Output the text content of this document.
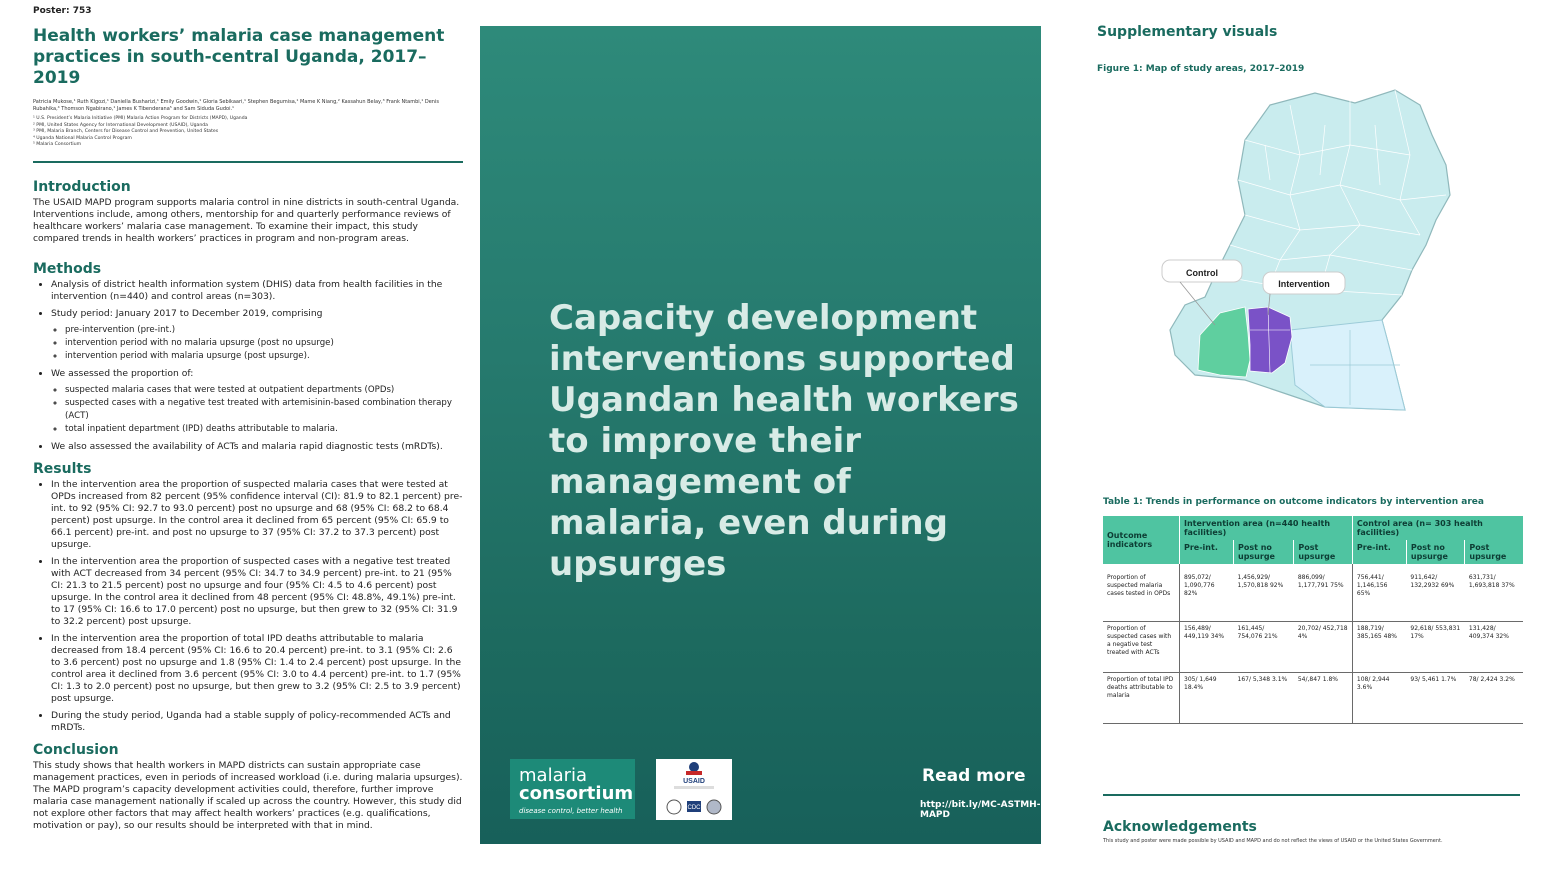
Poster: 753
Health workers’ malaria case management practices in south-central Uganda, 2017–2019
Patricia Mukose,¹ Ruth Kigozi,¹ Daniella Busharizi,¹ Emily Goodwin,¹ Gloria Sebikaari,¹ Stephen Begumisa,¹ Mame K Niang,² Kassahun Belay,³ Frank Ntambi,¹ Denis Rubahika,⁴ Thomson Ngabirano,¹ James K Tibenderana⁵ and Sam Siduda Gudoi.¹
¹ U.S. President’s Malaria Initiative (PMI) Malaria Action Program for Districts (MAPD), Uganda
² PMI, United States Agency for International Development (USAID), Uganda
³ PMI, Malaria Branch, Centers for Disease Control and Prevention, United States
⁴ Uganda National Malaria Control Program
⁵ Malaria Consortium
Introduction

The USAID MAPD program supports malaria control in nine districts in south-central Uganda. Interventions include, among others, mentorship for and quarterly performance reviews of healthcare workers’ malaria case management. To examine their impact, this study compared trends in health workers’ practices in program and non-program areas.

Methods
• Analysis of district health information system (DHIS) data from health facilities in the intervention (n=440) and control areas (n=303).
• Study period: January 2017 to December 2019, comprising
◦ pre-intervention (pre-int.)
◦ intervention period with no malaria upsurge (post no upsurge)
◦ intervention period with malaria upsurge (post upsurge).
• We assessed the proportion of:
◦ suspected malaria cases that were tested at outpatient departments (OPDs)
◦ suspected cases with a negative test treated with artemisinin-based combination therapy (ACT)
◦ total inpatient department (IPD) deaths attributable to malaria.
• We also assessed the availability of ACTs and malaria rapid diagnostic tests (mRDTs).
Results
• In the intervention area the proportion of suspected malaria cases that were tested at OPDs increased from 82 percent (95% confidence interval (CI): 81.9 to 82.1 percent) pre-int. to 92 (95% CI: 92.7 to 93.0 percent) post no upsurge and 68 (95% CI: 68.2 to 68.4 percent) post upsurge. In the control area it declined from 65 percent (95% CI: 65.9 to 66.1 percent) pre-int. and post no upsurge to 37 (95% CI: 37.2 to 37.3 percent) post upsurge.
• In the intervention area the proportion of suspected cases with a negative test treated with ACT decreased from 34 percent (95% CI: 34.7 to 34.9 percent) pre-int. to 21 (95% CI: 21.3 to 21.5 percent) post no upsurge and four (95% CI: 4.5 to 4.6 percent) post upsurge. In the control area it declined from 48 percent (95% CI: 48.8%, 49.1%) pre-int. to 17 (95% CI: 16.6 to 17.0 percent) post no upsurge, but then grew to 32 (95% CI: 31.9 to 32.2 percent) post upsurge.
• In the intervention area the proportion of total IPD deaths attributable to malaria decreased from 18.4 percent (95% CI: 16.6 to 20.4 percent) pre-int. to 3.1 (95% CI: 2.6 to 3.6 percent) post no upsurge and 1.8 (95% CI: 1.4 to 2.4 percent) post upsurge. In the control area it declined from 3.6 percent (95% CI: 3.0 to 4.4 percent) pre-int. to 1.7 (95% CI: 1.3 to 2.0 percent) post no upsurge, but then grew to 3.2 (95% CI: 2.5 to 3.9 percent) post upsurge.
• During the study period, Uganda had a stable supply of policy-recommended ACTs and mRDTs.
Conclusion

This study shows that health workers in MAPD districts can sustain appropriate case management practices, even in periods of increased workload (i.e. during malaria upsurges). The MAPD program’s capacity development activities could, therefore, further improve malaria case management nationally if scaled up across the country. However, this study did not explore other factors that may affect health workers’ practices (e.g. qualifications, motivation or pay), so our results should be interpreted with that in mind.

Capacity development interventions supported Ugandan health workers to improve their management of malaria, even during upsurges
malaria
consortium
disease control, better health
USAID
CDC
Read more
http://bit.ly/MC-ASTMH-MAPD
Supplementary visuals
Figure 1: Map of study areas, 2017–2019
Control
Intervention
Table 1: Trends in performance on outcome indicators by intervention area
Outcome indicators	Intervention area (n=440 health facilities)			Control area (n= 303 health facilities)		
	Pre-int.	Post no upsurge	Post upsurge	Pre-int.	Post no upsurge	Post upsurge
Proportion of suspected malaria cases tested in OPDs	895,072/ 1,090,776 82%	1,456,929/ 1,570,818 92%	886,099/ 1,177,791 75%	756,441/ 1,146,156 65%	911,642/ 132,2932 69%	631,731/ 1,693,818 37%
Proportion of suspected cases with a negative test treated with ACTs	156,489/ 449,119 34%	161,445/ 754,076 21%	20,702/ 452,718 4%	188,719/ 385,165 48%	92,618/ 553,831 17%	131,428/ 409,374 32%
Proportion of total IPD deaths attributable to malaria	305/ 1,649 18.4%	167/ 5,348 3.1%	54/,847 1.8%	108/ 2,944 3.6%	93/ 5,461 1.7%	78/ 2,424 3.2%
Acknowledgements
This study and poster were made possible by USAID and MAPD and do not reflect the views of USAID or the United States Government.
